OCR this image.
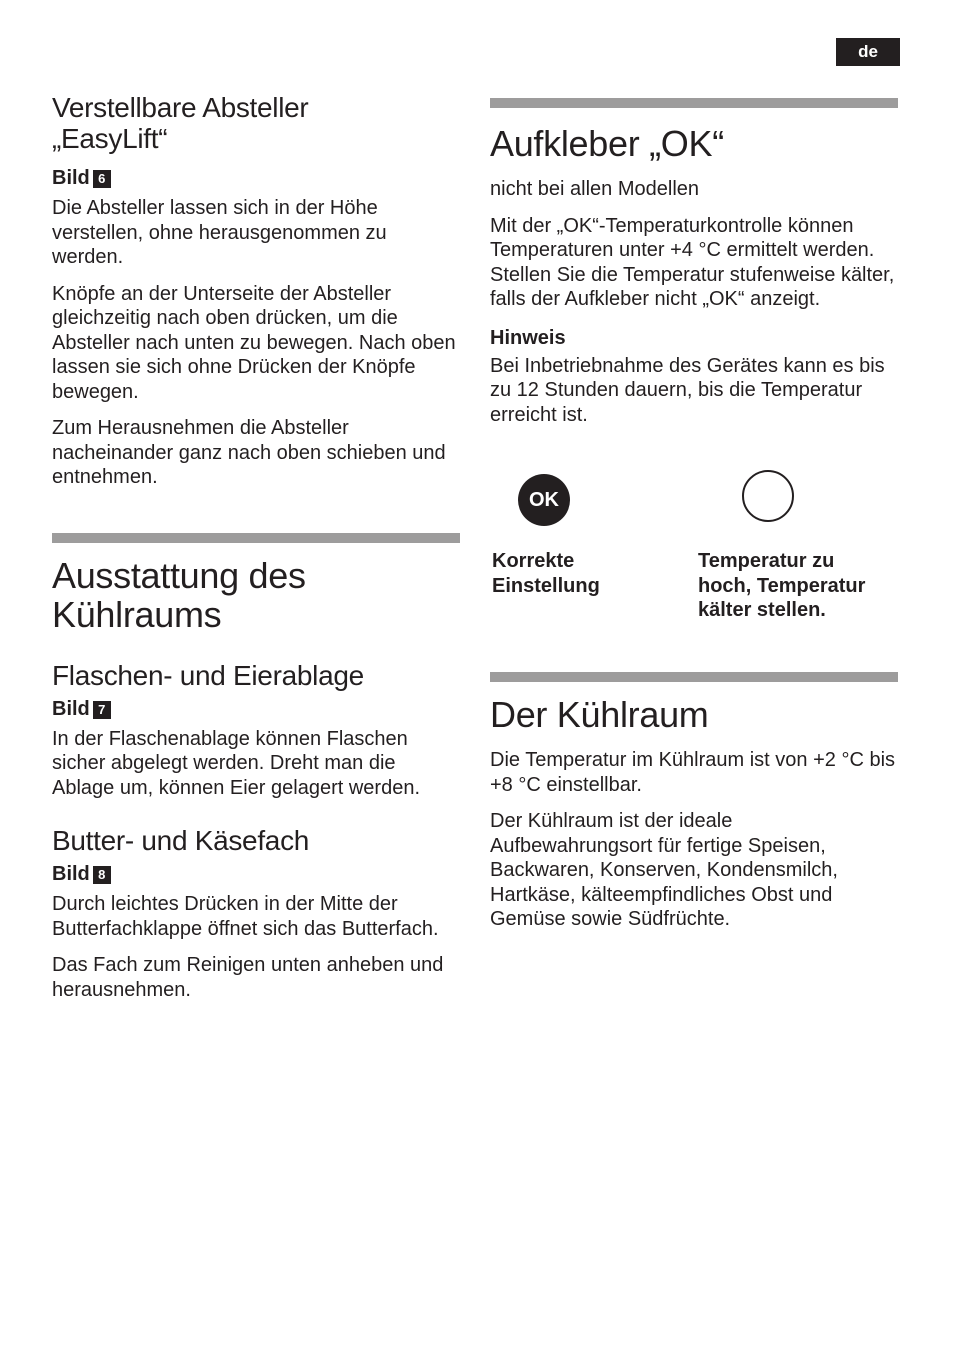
de
Verstellbare Absteller „EasyLift“
Bild 6

Die Absteller lassen sich in der Höhe verstellen, ohne herausgenommen zu werden.

Knöpfe an der Unterseite der Absteller gleichzeitig nach oben drücken, um die Absteller nach unten zu bewegen. Nach oben lassen sie sich ohne Drücken der Knöpfe bewegen.

Zum Herausnehmen die Absteller nacheinander ganz nach oben schieben und entnehmen.

Ausstattung des
Kühlraums
Flaschen- und Eierablage
Bild 7

In der Flaschenablage können Flaschen sicher abgelegt werden. Dreht man die Ablage um, können Eier gelagert werden.

Butter- und Käsefach
Bild 8

Durch leichtes Drücken in der Mitte der Butterfachklappe öffnet sich das Butterfach.

Das Fach zum Reinigen unten anheben und herausnehmen.

Aufkleber „OK“

nicht bei allen Modellen

Mit der „OK“-Temperaturkontrolle können Temperaturen unter +4 °C ermittelt werden. Stellen Sie die Temperatur stufenweise kälter, falls der Aufkleber nicht „OK“ anzeigt.

Hinweis

Bei Inbetriebnahme des Gerätes kann es bis zu 12 Stunden dauern, bis die Temperatur erreicht ist.

OK
Korrekte
Einstellung
Temperatur zu
hoch, Temperatur
kälter stellen.
Der Kühlraum

Die Temperatur im Kühlraum ist von +2 °C bis +8 °C einstellbar.

Der Kühlraum ist der ideale Aufbewahrungsort für fertige Speisen, Backwaren, Konserven, Kondensmilch, Hartkäse, kälteempfindliches Obst und Gemüse sowie Südfrüchte.
